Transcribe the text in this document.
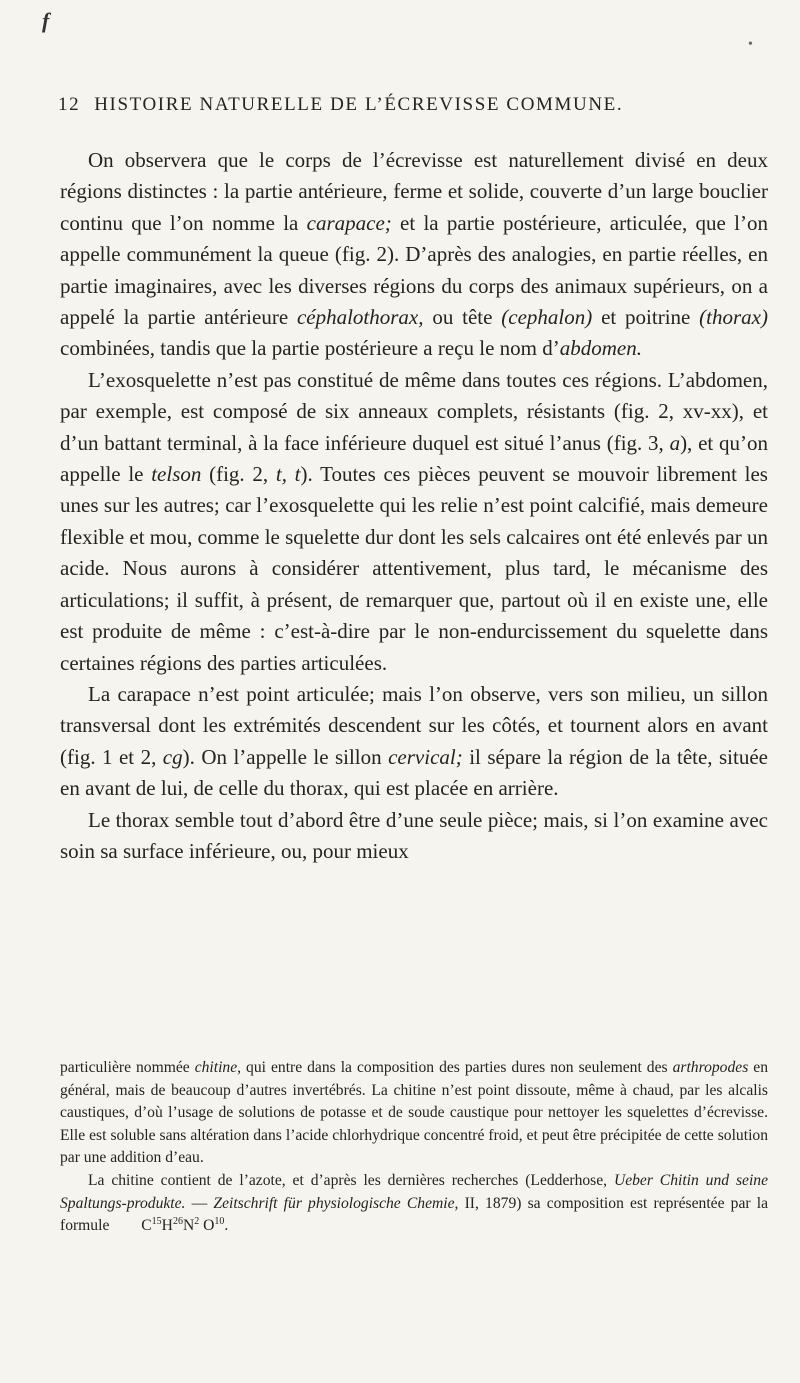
f
•
12 HISTOIRE NATURELLE DE L’ÉCREVISSE COMMUNE.

On observera que le corps de l’écrevisse est naturellement divisé en deux régions distinctes : la partie antérieure, ferme et solide, couverte d’un large bouclier continu que l’on nomme la carapace; et la partie postérieure, articulée, que l’on appelle communément la queue (fig. 2). D’après des analogies, en partie réelles, en partie imaginaires, avec les diverses régions du corps des animaux supérieurs, on a appelé la partie antérieure céphalothorax, ou tête (cephalon) et poitrine (thorax) combinées, tandis que la partie postérieure a reçu le nom d’abdomen.

L’exosquelette n’est pas constitué de même dans toutes ces régions. L’abdomen, par exemple, est composé de six anneaux complets, résistants (fig. 2, xv-xx), et d’un battant terminal, à la face inférieure duquel est situé l’anus (fig. 3, a), et qu’on appelle le telson (fig. 2, t, t). Toutes ces pièces peuvent se mouvoir librement les unes sur les autres; car l’exosquelette qui les relie n’est point calcifié, mais demeure flexible et mou, comme le squelette dur dont les sels calcaires ont été enlevés par un acide. Nous aurons à considérer attentivement, plus tard, le mécanisme des articulations; il suffit, à présent, de remarquer que, partout où il en existe une, elle est produite de même : c’est-à-dire par le non-endurcissement du squelette dans certaines régions des parties articulées.

La carapace n’est point articulée; mais l’on observe, vers son milieu, un sillon transversal dont les extrémités descendent sur les côtés, et tournent alors en avant (fig. 1 et 2, cg). On l’appelle le sillon cervical; il sépare la région de la tête, située en avant de lui, de celle du thorax, qui est placée en arrière.

Le thorax semble tout d’abord être d’une seule pièce; mais, si l’on examine avec soin sa surface inférieure, ou, pour mieux

particulière nommée chitine, qui entre dans la composition des parties dures non seulement des arthropodes en général, mais de beaucoup d’autres invertébrés. La chitine n’est point dissoute, même à chaud, par les alcalis caustiques, d’où l’usage de solutions de potasse et de soude caustique pour nettoyer les squelettes d’écrevisse. Elle est soluble sans altération dans l’acide chlorhydrique concentré froid, et peut être précipitée de cette solution par une addition d’eau.

La chitine contient de l’azote, et d’après les dernières recherches (Ledderhose, Ueber Chitin und seine Spaltungs-produkte. — Zeitschrift für physiologische Chemie, II, 1879) sa composition est représentée par la formule $C^{15}H^{26}N^2$ $O^{10}$.
